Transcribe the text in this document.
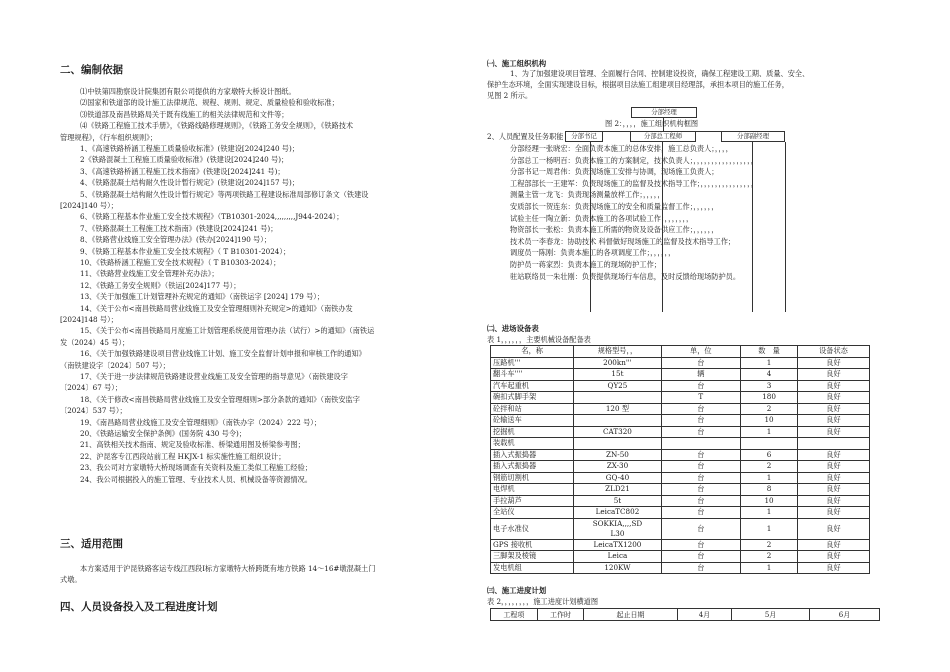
二、编制依据
⑴中铁第四勘察设计院集团有限公司提供的方家墩特大桥设计图纸。
⑵国家和铁道部的设计施工法律规范、规程、规则、规定、质量检验和验收标准；
⑶铁道部及南昌铁路局关于既有线施工的相关法律规范和文件等；
⑷《铁路工程施工技术手册》，《铁路线路修理规则》，《铁路工务安全规则》，《铁路技术
管理规程》，《行车组织规则》；
1、《高速铁路桥涵工程施工质量验收标准》(铁建设[2024]240 号)；
2《铁路混凝土工程施工质量验收标准》(铁建设[2024]240 号)；
3、《高速铁路桥涵工程施工技术指南》(铁建设[2024]241 号)；
4、《铁路混凝土结构耐久性设计暂行规定》(铁建设[2024]157 号)；
5、《铁路混凝土结构耐久性设计暂行规定》等两项铁路工程建设标准局部修订条文（铁建设
[2024]140 号）；
6、《铁路工程基本作业施工安全技术规程》（TB10301-2024,,,,,,,,,J944-2024）；
7、《铁路混凝土工程施工技术指南》(铁建设[2024]241 号)；
8、《铁路营业线施工安全管理办法》(铁办[2024]190 号）；
9、《铁路工程基本作业施工安全技术规程》（ T B10301-2024）；
10、《铁路桥涵工程施工安全技术规程》（ T B10303-2024）；
11、《铁路营业线施工安全管理补充办法》；
12、《铁路工务安全规则》（铁运[2024]177 号）；
13、《关于加强施工计划管理补充规定的通知》（南铁运字 [2024] 179 号）；
14、《关于公布<南昌铁路局营业线施工及安全管理细则补充规定>的通知》（南铁办发
[2024]148 号）；
15、《关于公布<南昌铁路局月度施工计划管理系统使用管理办法（试行）>的通知》（南铁运
发（2024）45 号）；
16、《关于加强铁路建设项目营业线施工计划、施工安全监督计划申报和审核工作的通知》
（南铁建设字〔2024〕507 号）；
17、《关于进一步法律规范铁路建设营业线施工及安全管理的指导意见》（南铁建设字
〔2024〕67 号）；
18、《关于修改<南昌铁路局营业线施工及安全管理细则>部分条款的通知》（南铁安监字
〔2024〕537 号）；
19、《南昌路局营业线施工及安全管理细则》（南铁办字（2024）222 号）；
20、《铁路运输安全保护条例》(国务院 430 号令)；
21、高铁相关技术指南、规定及验收标准、桥梁通用图及桥梁参考图；
22、沪昆客专江西段站前工程 HKJX-1 标实施性施工组织设计；
23、我公司对方家墩特大桥现场调查有关资料及施工类似工程施工经验；
24、我公司根据投入的施工管理、专业技术人员、机械设备等资源情况。
三、适用范围
本方案适用于沪昆铁路客运专线江西段Ⅰ标方家墩特大桥跨既有地方铁路 14～16#墩混凝土门
式墩。
四、人员设备投入及工程进度计划
㈠、施工组织机构
1、为了加强建设项目管理、全面履行合同、控制建设投资，确保工程建设工期、质量、安全、
保护生态环境，全面实现建设目标，根据项目法施工组建项目经理部，承担本项目的施工任务，
见图 2 所示。
分部经理
分部总工程师	分部副经理
分部书记
图 2：，，，，施工组织机构框图
2、人员配置及任务职能
分部经理一张晓宏：全面负责本施工的总体安排，施工总负责人；，，，，
分部总工一杨明百：负责本施工的方案制定，技术负责人；，，，，，，，，，，，，，，，，，
分部书记一周君伟：负责现场施工安排与协调，现场施工负责人；
工程部部长一王建军：负责现场施工的监督及技术指导工作；，，，，，，，，，，，，，，，
测量主管一龙飞：负责现场测量放样工作；，，，，，
安质部长一贺连东：负责现场施工的安全和质量监督工作；，，，，，，
试验主任一陶立新：负责本施工的各项试验工作；，，，，，，，
物资部长一张松：负责本施工所需的物资及设备供应工作；，，，，，，
技术员一李春龙：协助技术 科督做好现场施工的监督及技术指导工作；
调度员一陈刚：负责本施工的各项调度工作；，，，，，，
防护员一蒋家烈：负责本施工的现场防护工作；
驻站联络员一朱壮刚：负责提供现场行车信息，及时反馈给现场防护员。
㈡、进场设备表
表 1，，，，，，主要机械设备配备表
名，称	规格型号，，	单，位	数　量	设备状态
压路机'''	200kn'''	台	1	良好
翻斗车''''	15t	辆	4	良好
汽车起重机	QY25	台	3	良好
碗扣式脚手架		T	180	良好
砼拌和站	120 型	台	2	良好
砼输送车		台	10	良好
挖掘机	CAT320	台	1	良好
装载机				
插入式振捣器	ZN-50	台	6	良好
插入式振捣器	ZX-30	台	2	良好
钢筋切割机	GQ-40	台	1	良好
电焊机	ZLD21	台	8	良好
手拉葫芦	5t	台	10	良好
全站仪	LeicaTC802	台	1	良好
电子水准仪	SOKKIA,,,,SD
L30	台	1	良好
GPS 接收机	LeicaTX1200	台	2	良好
三脚架及棱镜	Leica	台	2	良好
发电机组	120KW	台	1	良好
㈢、施工进度计划
表 2，，，，，，，，施工进度计划横道图
工程项	工作时	起止日期	4月	5月	6月
